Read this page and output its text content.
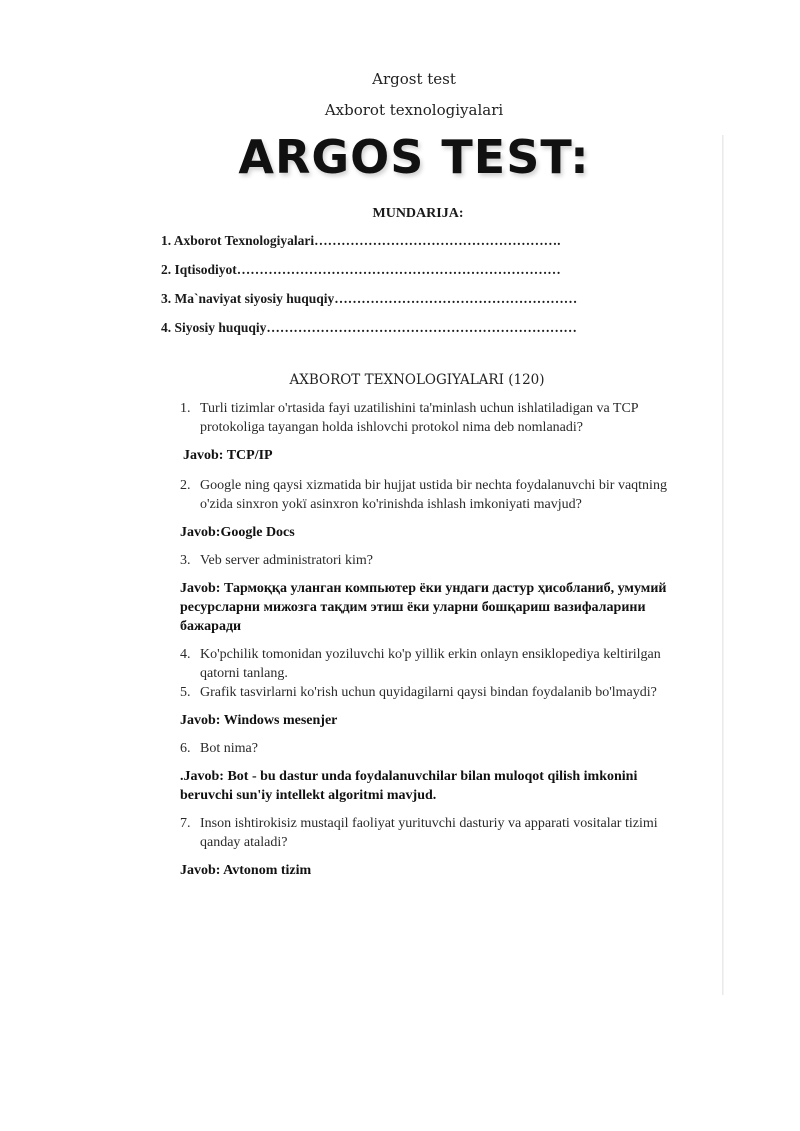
Argost test
Axborot texnologiyalari
ARGOS TEST:
MUNDARIJA:
1. Axborot Texnologiyalari……………………………………………….
2. Iqtisodiyot………………………………………………………………
3. Ma`naviyat siyosiy huquqiy………………………………………………
4. Siyosiy huquqiy……………………………………………………………
AXBOROT TEXNOLOGIYALARI (120)
1. Turli tizimlar o'rtasida fayi uzatilishini ta'minlash uchun ishlatiladigan va TCP protokoliga tayangan holda ishlovchi protokol nima deb nomlanadi?
Javob: TCP/IP
2. Google ning qaysi xizmatida bir hujjat ustida bir nechta foydalanuvchi bir vaqtning o'zida sinxron yokï asinxron ko'rinishda ishlash imkoniyati mavjud?
Javob:Google Docs
3. Veb server administratori kim?
Javob: Тармоққа уланган компьютер ёки ундаги дастур ҳисобланиб, умумий ресурсларни мижозга тақдим этиш ёки уларни бошқариш вазифаларини бажаради
4. Ko'pchilik tomonidan yoziluvchi ko'p yillik erkin onlayn ensiklopediya keltirilgan qatorni tanlang.
5. Grafik tasvirlarni ko'rish uchun quyidagilarni qaysi bindan foydalanib bo'lmaydi?
Javob: Windows mesenjer
6. Bot nima?
.Javob: Bot - bu dastur unda foydalanuvchilar bilan muloqot qilish imkonini beruvchi sun'iy intellekt algoritmi mavjud.
7. Inson ishtirokisiz mustaqil faoliyat yurituvchi dasturiy va apparati vositalar tizimi qanday ataladi?
Javob: Avtonom tizim
